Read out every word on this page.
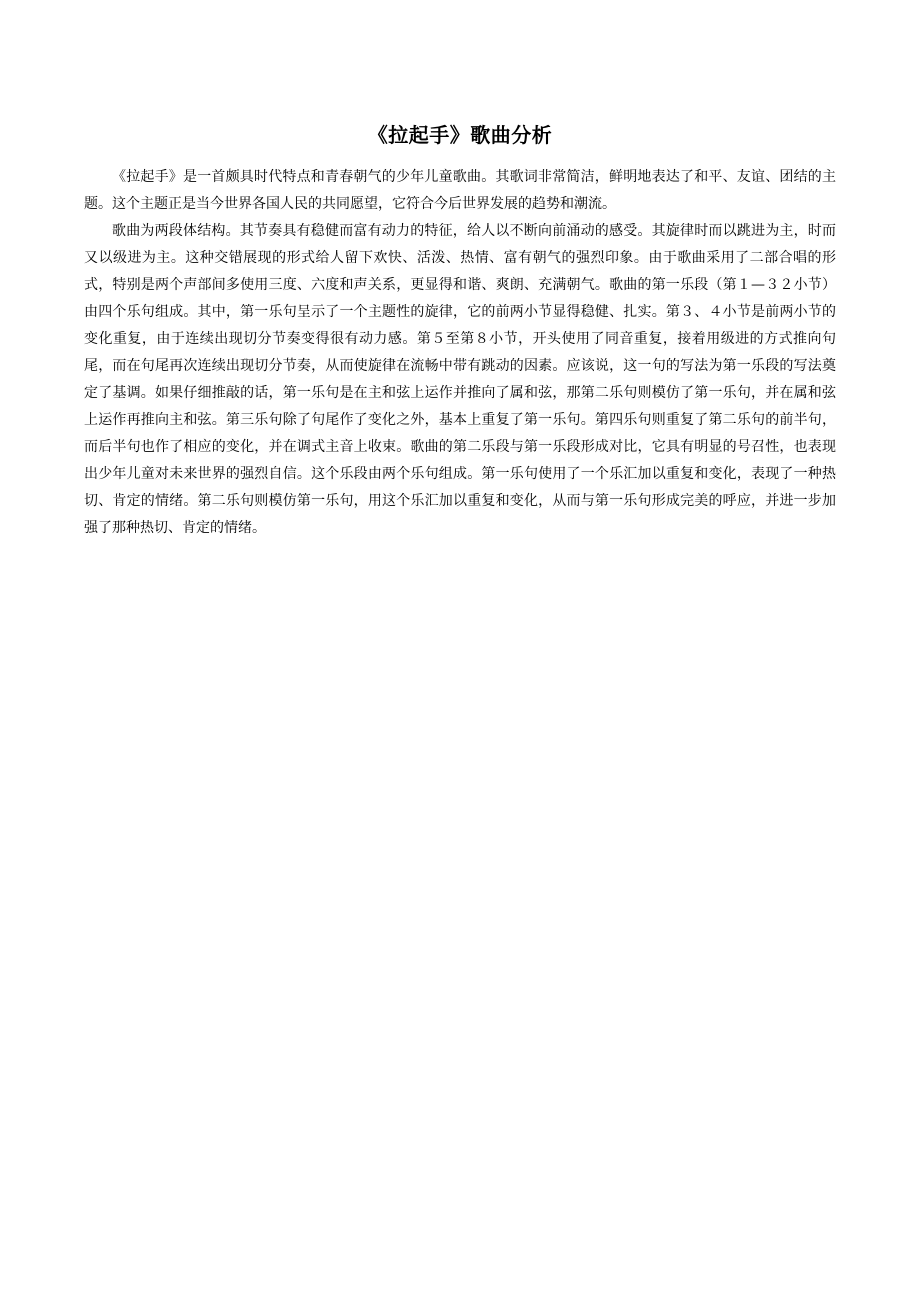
《拉起手》歌曲分析

《拉起手》是一首颇具时代特点和青春朝气的少年儿童歌曲。其歌词非常简洁，鲜明地表达了和平、友谊、团结的主题。这个主题正是当今世界各国人民的共同愿望，它符合今后世界发展的趋势和潮流。

歌曲为两段体结构。其节奏具有稳健而富有动力的特征，给人以不断向前涌动的感受。其旋律时而以跳进为主，时而又以级进为主。这种交错展现的形式给人留下欢快、活泼、热情、富有朝气的强烈印象。由于歌曲采用了二部合唱的形式，特别是两个声部间多使用三度、六度和声关系，更显得和谐、爽朗、充满朝气。歌曲的第一乐段（第１—３２小节）由四个乐句组成。其中，第一乐句呈示了一个主题性的旋律，它的前两小节显得稳健、扎实。第３、４小节是前两小节的变化重复，由于连续出现切分节奏变得很有动力感。第５至第８小节，开头使用了同音重复，接着用级进的方式推向句尾，而在句尾再次连续出现切分节奏，从而使旋律在流畅中带有跳动的因素。应该说，这一句的写法为第一乐段的写法奠定了基调。如果仔细推敲的话，第一乐句是在主和弦上运作并推向了属和弦，那第二乐句则模仿了第一乐句，并在属和弦上运作再推向主和弦。第三乐句除了句尾作了变化之外，基本上重复了第一乐句。第四乐句则重复了第二乐句的前半句，而后半句也作了相应的变化，并在调式主音上收束。歌曲的第二乐段与第一乐段形成对比，它具有明显的号召性，也表现出少年儿童对未来世界的强烈自信。这个乐段由两个乐句组成。第一乐句使用了一个乐汇加以重复和变化，表现了一种热切、肯定的情绪。第二乐句则模仿第一乐句，用这个乐汇加以重复和变化，从而与第一乐句形成完美的呼应，并进一步加强了那种热切、肯定的情绪。
